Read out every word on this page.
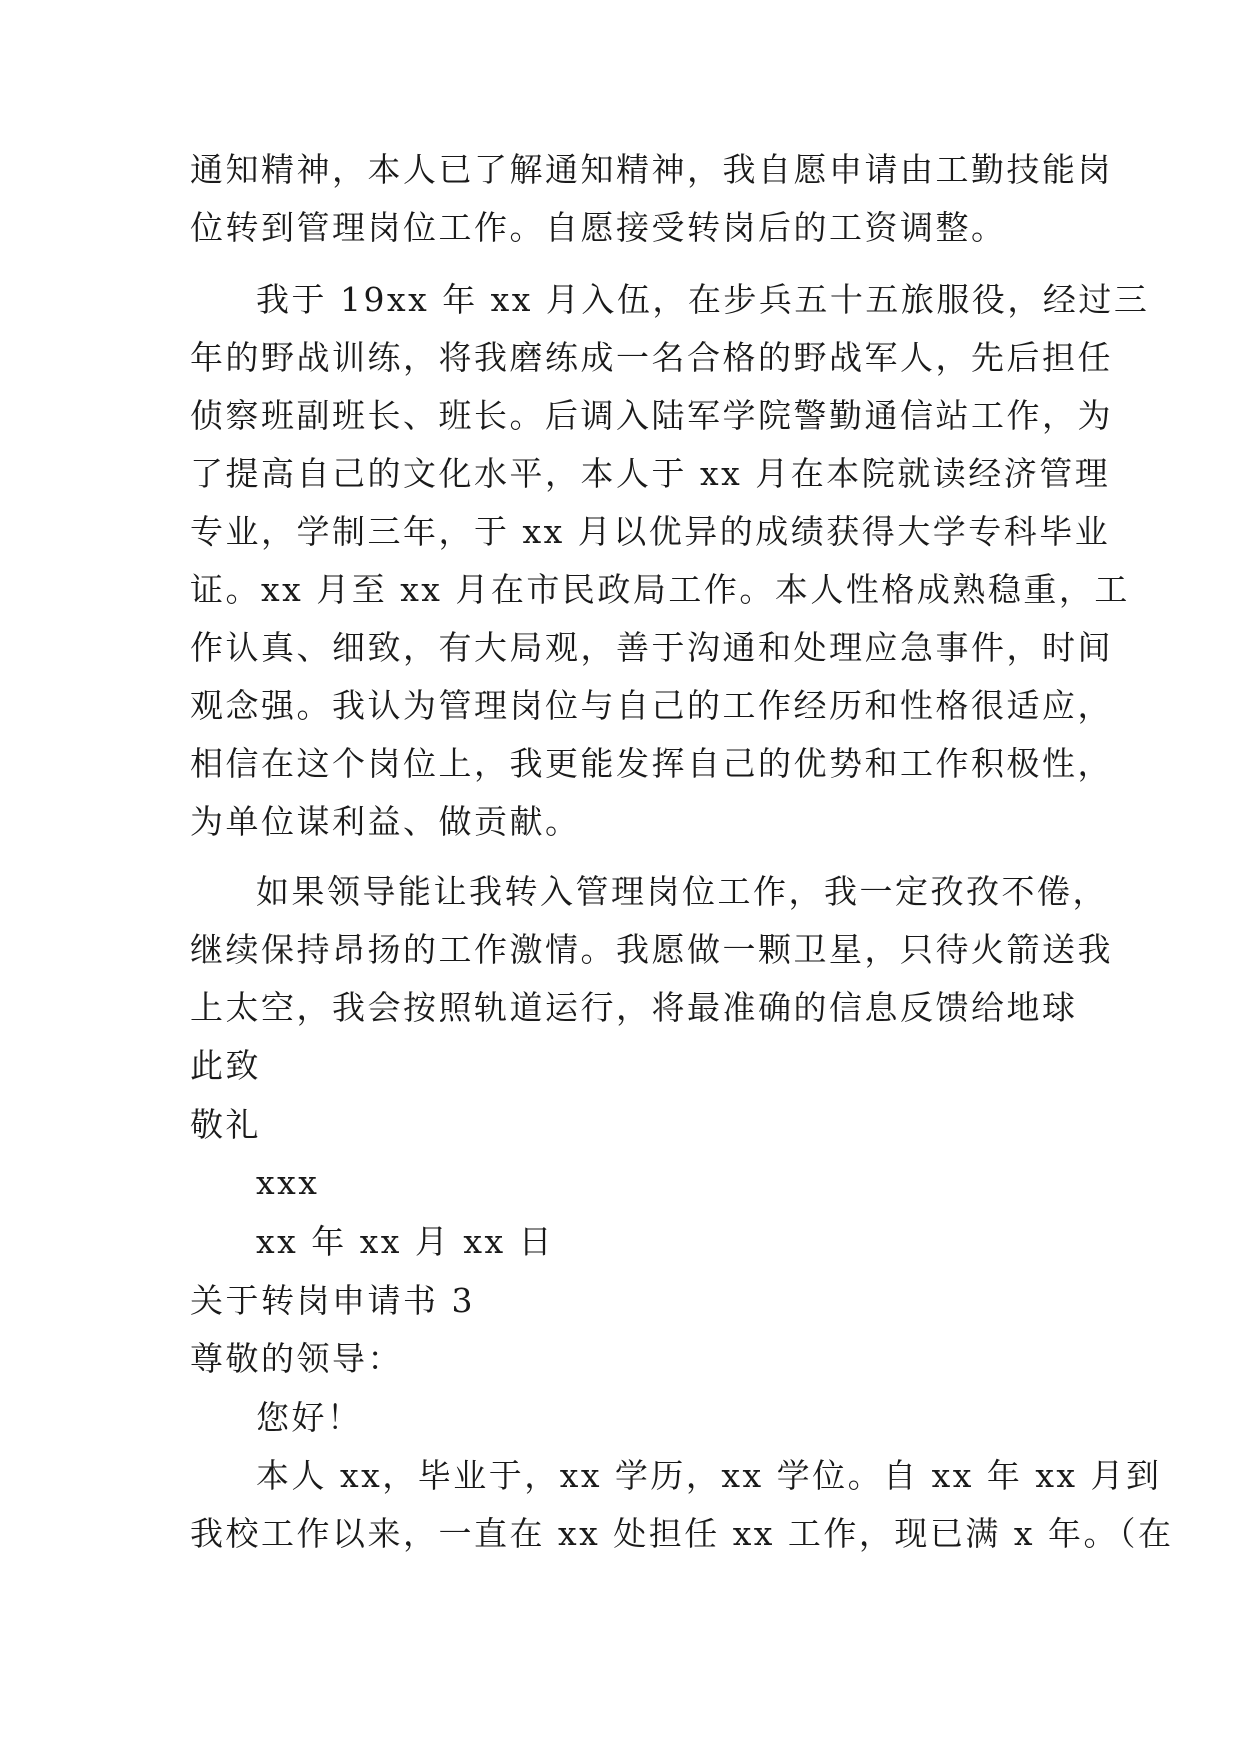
通知精神，本人已了解通知精神，我自愿申请由工勤技能岗
位转到管理岗位工作。自愿接受转岗后的工资调整。
我于 19xx 年 xx 月入伍，在步兵五十五旅服役，经过三
年的野战训练，将我磨练成一名合格的野战军人，先后担任
侦察班副班长、班长。后调入陆军学院警勤通信站工作，为
了提高自己的文化水平，本人于 xx 月在本院就读经济管理
专业，学制三年，于 xx 月以优异的成绩获得大学专科毕业
证。xx 月至 xx 月在市民政局工作。本人性格成熟稳重，工
作认真、细致，有大局观，善于沟通和处理应急事件，时间
观念强。我认为管理岗位与自己的工作经历和性格很适应，
相信在这个岗位上，我更能发挥自己的优势和工作积极性，
为单位谋利益、做贡献。
如果领导能让我转入管理岗位工作，我一定孜孜不倦，
继续保持昂扬的工作激情。我愿做一颗卫星，只待火箭送我
上太空，我会按照轨道运行，将最准确的信息反馈给地球
此致
敬礼
xxx
xx 年 xx 月 xx 日
关于转岗申请书 3
尊敬的领导：
您好！
本人 xx，毕业于，xx 学历，xx 学位。自 xx 年 xx 月到
我校工作以来，一直在 xx 处担任 xx 工作，现已满 x 年。（在
